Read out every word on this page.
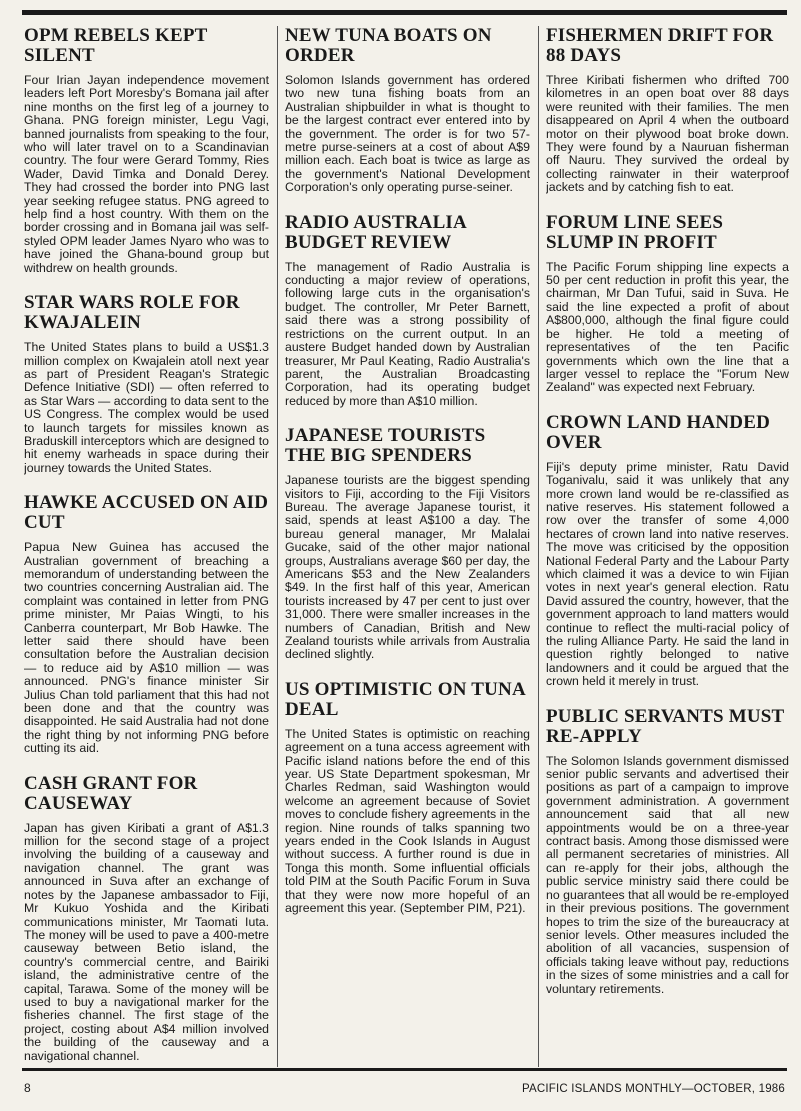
OPM REBELS KEPT SILENT

Four Irian Jayan independence movement leaders left Port Moresby's Bomana jail after nine months on the first leg of a journey to Ghana. PNG foreign minister, Legu Vagi, banned journalists from speaking to the four, who will later travel on to a Scandinavian country. The four were Gerard Tommy, Ries Wader, David Timka and Donald Derey. They had crossed the border into PNG last year seeking refugee status. PNG agreed to help find a host country. With them on the border crossing and in Bomana jail was self-styled OPM leader James Nyaro who was to have joined the Ghana-bound group but withdrew on health grounds.

STAR WARS ROLE FOR KWAJALEIN

The United States plans to build a US$1.3 million complex on Kwajalein atoll next year as part of President Reagan's Strategic Defence Initiative (SDI) — often referred to as Star Wars — according to data sent to the US Congress. The complex would be used to launch targets for missiles known as Braduskill interceptors which are designed to hit enemy warheads in space during their journey towards the United States.

HAWKE ACCUSED ON AID CUT

Papua New Guinea has accused the Australian government of breaching a memorandum of understanding between the two countries concerning Australian aid. The complaint was contained in letter from PNG prime minister, Mr Paias Wingti, to his Canberra counterpart, Mr Bob Hawke. The letter said there should have been consultation before the Australian decision — to reduce aid by A$10 million — was announced. PNG's finance minister Sir Julius Chan told parliament that this had not been done and that the country was disappointed. He said Australia had not done the right thing by not informing PNG before cutting its aid.

CASH GRANT FOR CAUSEWAY

Japan has given Kiribati a grant of A$1.3 million for the second stage of a project involving the building of a causeway and navigation channel. The grant was announced in Suva after an exchange of notes by the Japanese ambassador to Fiji, Mr Kukuo Yoshida and the Kiribati communications minister, Mr Taomati Iuta. The money will be used to pave a 400-metre causeway between Betio island, the country's commercial centre, and Bairiki island, the administrative centre of the capital, Tarawa. Some of the money will be used to buy a navigational marker for the fisheries channel. The first stage of the project, costing about A$4 million involved the building of the causeway and a navigational channel.

NEW TUNA BOATS ON ORDER

Solomon Islands government has ordered two new tuna fishing boats from an Australian shipbuilder in what is thought to be the largest contract ever entered into by the government. The order is for two 57-metre purse-seiners at a cost of about A$9 million each. Each boat is twice as large as the government's National Development Corporation's only operating purse-seiner.

RADIO AUSTRALIA BUDGET REVIEW

The management of Radio Australia is conducting a major review of operations, following large cuts in the organisation's budget. The controller, Mr Peter Barnett, said there was a strong possibility of restrictions on the current output. In an austere Budget handed down by Australian treasurer, Mr Paul Keating, Radio Australia's parent, the Australian Broadcasting Corporation, had its operating budget reduced by more than A$10 million.

JAPANESE TOURISTS THE BIG SPENDERS

Japanese tourists are the biggest spending visitors to Fiji, according to the Fiji Visitors Bureau. The average Japanese tourist, it said, spends at least A$100 a day. The bureau general manager, Mr Malalai Gucake, said of the other major national groups, Australians average $60 per day, the Americans $53 and the New Zealanders $49. In the first half of this year, American tourists increased by 47 per cent to just over 31,000. There were smaller increases in the numbers of Canadian, British and New Zealand tourists while arrivals from Australia declined slightly.

US OPTIMISTIC ON TUNA DEAL

The United States is optimistic on reaching agreement on a tuna access agreement with Pacific island nations before the end of this year. US State Department spokesman, Mr Charles Redman, said Washington would welcome an agreement because of Soviet moves to conclude fishery agreements in the region. Nine rounds of talks spanning two years ended in the Cook Islands in August without success. A further round is due in Tonga this month. Some influential officials told PIM at the South Pacific Forum in Suva that they were now more hopeful of an agreement this year. (September PIM, P21).

FISHERMEN DRIFT FOR 88 DAYS

Three Kiribati fishermen who drifted 700 kilometres in an open boat over 88 days were reunited with their families. The men disappeared on April 4 when the outboard motor on their plywood boat broke down. They were found by a Nauruan fisherman off Nauru. They survived the ordeal by collecting rainwater in their waterproof jackets and by catching fish to eat.

FORUM LINE SEES SLUMP IN PROFIT

The Pacific Forum shipping line expects a 50 per cent reduction in profit this year, the chairman, Mr Dan Tufui, said in Suva. He said the line expected a profit of about A$800,000, although the final figure could be higher. He told a meeting of representatives of the ten Pacific governments which own the line that a larger vessel to replace the "Forum New Zealand" was expected next February.

CROWN LAND HANDED OVER

Fiji's deputy prime minister, Ratu David Toganivalu, said it was unlikely that any more crown land would be re-classified as native reserves. His statement followed a row over the transfer of some 4,000 hectares of crown land into native reserves. The move was criticised by the opposition National Federal Party and the Labour Party which claimed it was a device to win Fijian votes in next year's general election. Ratu David assured the country, however, that the government approach to land matters would continue to reflect the multi-racial policy of the ruling Alliance Party. He said the land in question rightly belonged to native landowners and it could be argued that the crown held it merely in trust.

PUBLIC SERVANTS MUST RE-APPLY

The Solomon Islands government dismissed senior public servants and advertised their positions as part of a campaign to improve government administration. A government announcement said that all new appointments would be on a three-year contract basis. Among those dismissed were all permanent secretaries of ministries. All can re-apply for their jobs, although the public service ministry said there could be no guarantees that all would be re-employed in their previous positions. The government hopes to trim the size of the bureaucracy at senior levels. Other measures included the abolition of all vacancies, suspension of officials taking leave without pay, reductions in the sizes of some ministries and a call for voluntary retirements.

8	PACIFIC ISLANDS MONTHLY—OCTOBER, 1986
